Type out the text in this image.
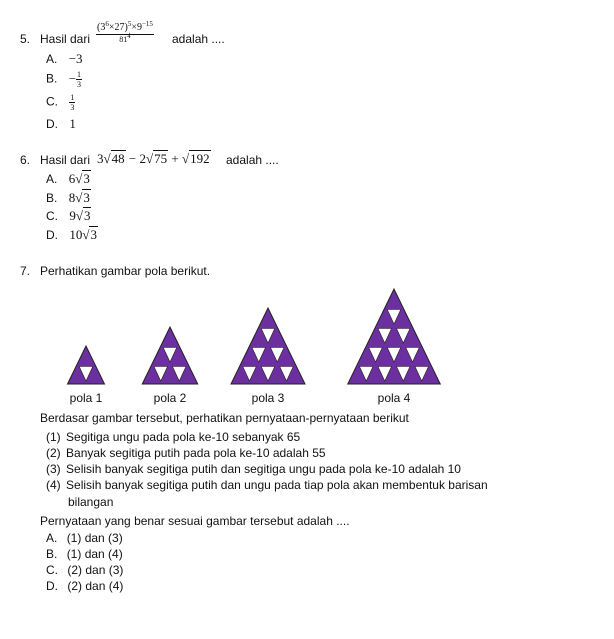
5. Hasil dari $\frac{(3^6\times 27)^5\times 9^{-15}}{81^4}$ adalah ....
A. −3
B. − $\frac{1}{3}$
C. $\frac{1}{3}$
D. 1
6. Hasil dari 3√48 − 2√75 + √192 adalah ....
A. 6√3
B. 8√3
C. 9√3
D. 10√3
7. Perhatikan gambar pola berikut.
pola 1	pola 2	pola 3	pola 4
Berdasar gambar tersebut, perhatikan pernyataan-pernyataan berikut
(1) Segitiga ungu pada pola ke-10 sebanyak 65
(2) Banyak segitiga putih pada pola ke-10 adalah 55
(3) Selisih banyak segitiga putih dan segitiga ungu pada pola ke-10 adalah 10
(4) Selisih banyak segitiga putih dan ungu pada tiap pola akan membentuk barisan
bilangan
Pernyataan yang benar sesuai gambar tersebut adalah ....
A. (1) dan (3)
B. (1) dan (4)
C. (2) dan (3)
D. (2) dan (4)
